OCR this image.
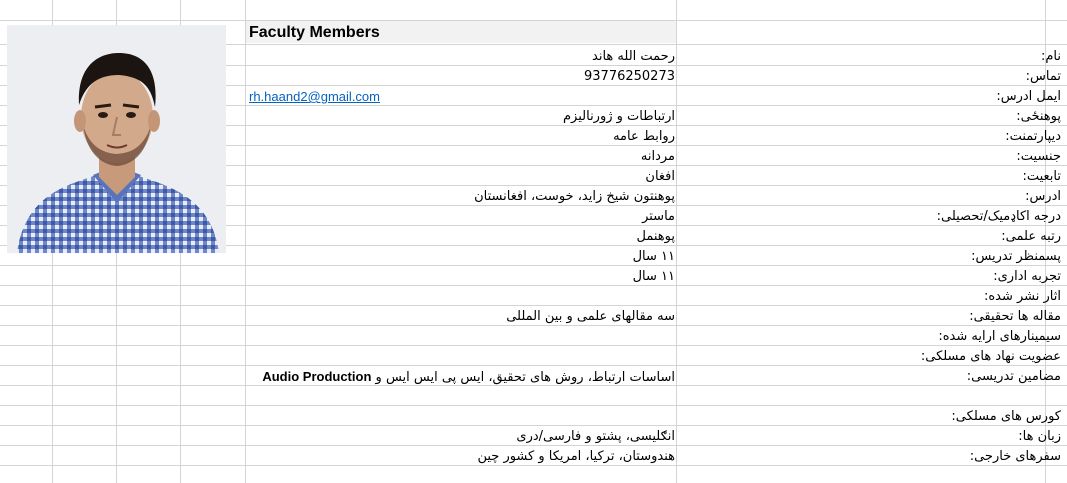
Faculty Members
نام:
رحمت الله هاند
تماس:
93776250273
ایمل ادرس:
پوهنځی:
ارتباطات و ژورنالیزم
دیپارتمنت:
روابط عامه
جنسیت:
مردانه
تابعیت:
افغان
ادرس:
پوهنتون شیخ زاید، خوست، افغانستان
درجه اکاډمیک/تحصیلی:
ماستر
رتبه علمی:
پوهنمل
پسمنظر تدریس:
۱۱ سال
تجربه اداری:
۱۱ سال
اثار نشر شده:
مقاله ها تحقیقی:
سه مقالهای علمی و بین المللی
سیمینارهای ارایه شده:
عضویت نهاد های مسلکی:
مضامین تدریسی:
اساسات ارتباط، روش های تحقیق، ایس پی ایس ایس و Audio Production
کورس های مسلکی:
زبان ها:
انګلیسی، پشتو و فارسی/دری
سفرهای خارجی:
هندوستان، ترکیا، امریکا و کشور چین
rh.haand2@gmail.com
